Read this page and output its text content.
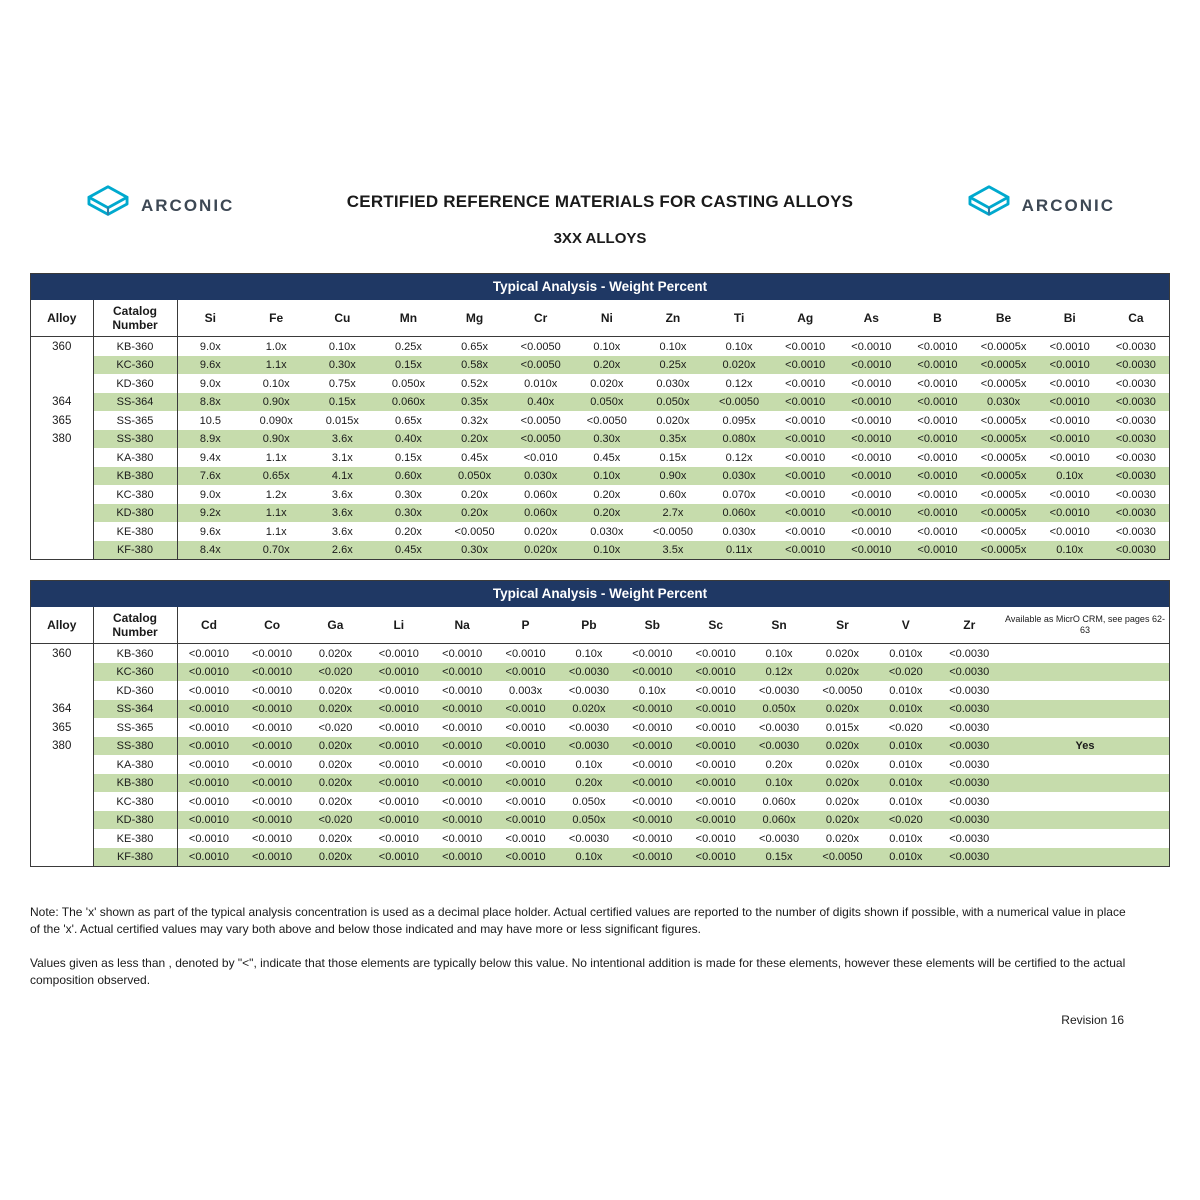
ARCONIC	CERTIFIED REFERENCE MATERIALS FOR CASTING ALLOYS
3XX ALLOYS
ARCONIC
Typical Analysis - Weight Percent
Alloy	Catalog Number	Si	Fe	Cu	Mn	Mg	Cr	Ni	Zn	Ti	Ag	As	B	Be	Bi	Ca
360	KB-360	9.0x	1.0x	0.10x	0.25x	0.65x	<0.0050	0.10x	0.10x	0.10x	<0.0010	<0.0010	<0.0010	<0.0005x	<0.0010	<0.0030
	KC-360	9.6x	1.1x	0.30x	0.15x	0.58x	<0.0050	0.20x	0.25x	0.020x	<0.0010	<0.0010	<0.0010	<0.0005x	<0.0010	<0.0030
	KD-360	9.0x	0.10x	0.75x	0.050x	0.52x	0.010x	0.020x	0.030x	0.12x	<0.0010	<0.0010	<0.0010	<0.0005x	<0.0010	<0.0030
364	SS-364	8.8x	0.90x	0.15x	0.060x	0.35x	0.40x	0.050x	0.050x	<0.0050	<0.0010	<0.0010	<0.0010	0.030x	<0.0010	<0.0030
365	SS-365	10.5	0.090x	0.015x	0.65x	0.32x	<0.0050	<0.0050	0.020x	0.095x	<0.0010	<0.0010	<0.0010	<0.0005x	<0.0010	<0.0030
380	SS-380	8.9x	0.90x	3.6x	0.40x	0.20x	<0.0050	0.30x	0.35x	0.080x	<0.0010	<0.0010	<0.0010	<0.0005x	<0.0010	<0.0030
	KA-380	9.4x	1.1x	3.1x	0.15x	0.45x	<0.010	0.45x	0.15x	0.12x	<0.0010	<0.0010	<0.0010	<0.0005x	<0.0010	<0.0030
	KB-380	7.6x	0.65x	4.1x	0.60x	0.050x	0.030x	0.10x	0.90x	0.030x	<0.0010	<0.0010	<0.0010	<0.0005x	0.10x	<0.0030
	KC-380	9.0x	1.2x	3.6x	0.30x	0.20x	0.060x	0.20x	0.60x	0.070x	<0.0010	<0.0010	<0.0010	<0.0005x	<0.0010	<0.0030
	KD-380	9.2x	1.1x	3.6x	0.30x	0.20x	0.060x	0.20x	2.7x	0.060x	<0.0010	<0.0010	<0.0010	<0.0005x	<0.0010	<0.0030
	KE-380	9.6x	1.1x	3.6x	0.20x	<0.0050	0.020x	0.030x	<0.0050	0.030x	<0.0010	<0.0010	<0.0010	<0.0005x	<0.0010	<0.0030
	KF-380	8.4x	0.70x	2.6x	0.45x	0.30x	0.020x	0.10x	3.5x	0.11x	<0.0010	<0.0010	<0.0010	<0.0005x	0.10x	<0.0030
Typical Analysis - Weight Percent
Alloy	Catalog Number	Cd	Co	Ga	Li	Na	P	Pb	Sb	Sc	Sn	Sr	V	Zr	Available as MicrO CRM, see pages 62-63
360	KB-360	<0.0010	<0.0010	0.020x	<0.0010	<0.0010	<0.0010	0.10x	<0.0010	<0.0010	0.10x	0.020x	0.010x	<0.0030	
	KC-360	<0.0010	<0.0010	<0.020	<0.0010	<0.0010	<0.0010	<0.0030	<0.0010	<0.0010	0.12x	0.020x	<0.020	<0.0030	
	KD-360	<0.0010	<0.0010	0.020x	<0.0010	<0.0010	0.003x	<0.0030	0.10x	<0.0010	<0.0030	<0.0050	0.010x	<0.0030	
364	SS-364	<0.0010	<0.0010	0.020x	<0.0010	<0.0010	<0.0010	0.020x	<0.0010	<0.0010	0.050x	0.020x	0.010x	<0.0030	
365	SS-365	<0.0010	<0.0010	<0.020	<0.0010	<0.0010	<0.0010	<0.0030	<0.0010	<0.0010	<0.0030	0.015x	<0.020	<0.0030	
380	SS-380	<0.0010	<0.0010	0.020x	<0.0010	<0.0010	<0.0010	<0.0030	<0.0010	<0.0010	<0.0030	0.020x	0.010x	<0.0030	Yes
	KA-380	<0.0010	<0.0010	0.020x	<0.0010	<0.0010	<0.0010	0.10x	<0.0010	<0.0010	0.20x	0.020x	0.010x	<0.0030	
	KB-380	<0.0010	<0.0010	0.020x	<0.0010	<0.0010	<0.0010	0.20x	<0.0010	<0.0010	0.10x	0.020x	0.010x	<0.0030	
	KC-380	<0.0010	<0.0010	0.020x	<0.0010	<0.0010	<0.0010	0.050x	<0.0010	<0.0010	0.060x	0.020x	0.010x	<0.0030	
	KD-380	<0.0010	<0.0010	<0.020	<0.0010	<0.0010	<0.0010	0.050x	<0.0010	<0.0010	0.060x	0.020x	<0.020	<0.0030	
	KE-380	<0.0010	<0.0010	0.020x	<0.0010	<0.0010	<0.0010	<0.0030	<0.0010	<0.0010	<0.0030	0.020x	0.010x	<0.0030	
	KF-380	<0.0010	<0.0010	0.020x	<0.0010	<0.0010	<0.0010	0.10x	<0.0010	<0.0010	0.15x	<0.0050	0.010x	<0.0030	

Note: The 'x' shown as part of the typical analysis concentration is used as a decimal place holder. Actual certified values are reported to the number of digits shown if possible, with a numerical value in place of the 'x'. Actual certified values may vary both above and below those indicated and may have more or less significant figures.

Values given as less than , denoted by "<", indicate that those elements are typically below this value. No intentional addition is made for these elements, however these elements will be certified to the actual composition observed.

Revision 16
